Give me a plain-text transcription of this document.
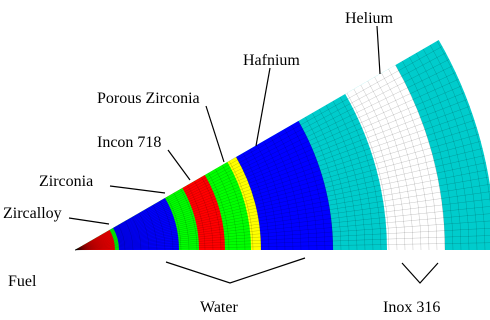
Helium
Hafnium
Porous Zirconia
Incon 718
Zirconia
Zircalloy
Fuel
Water	Inox 316
